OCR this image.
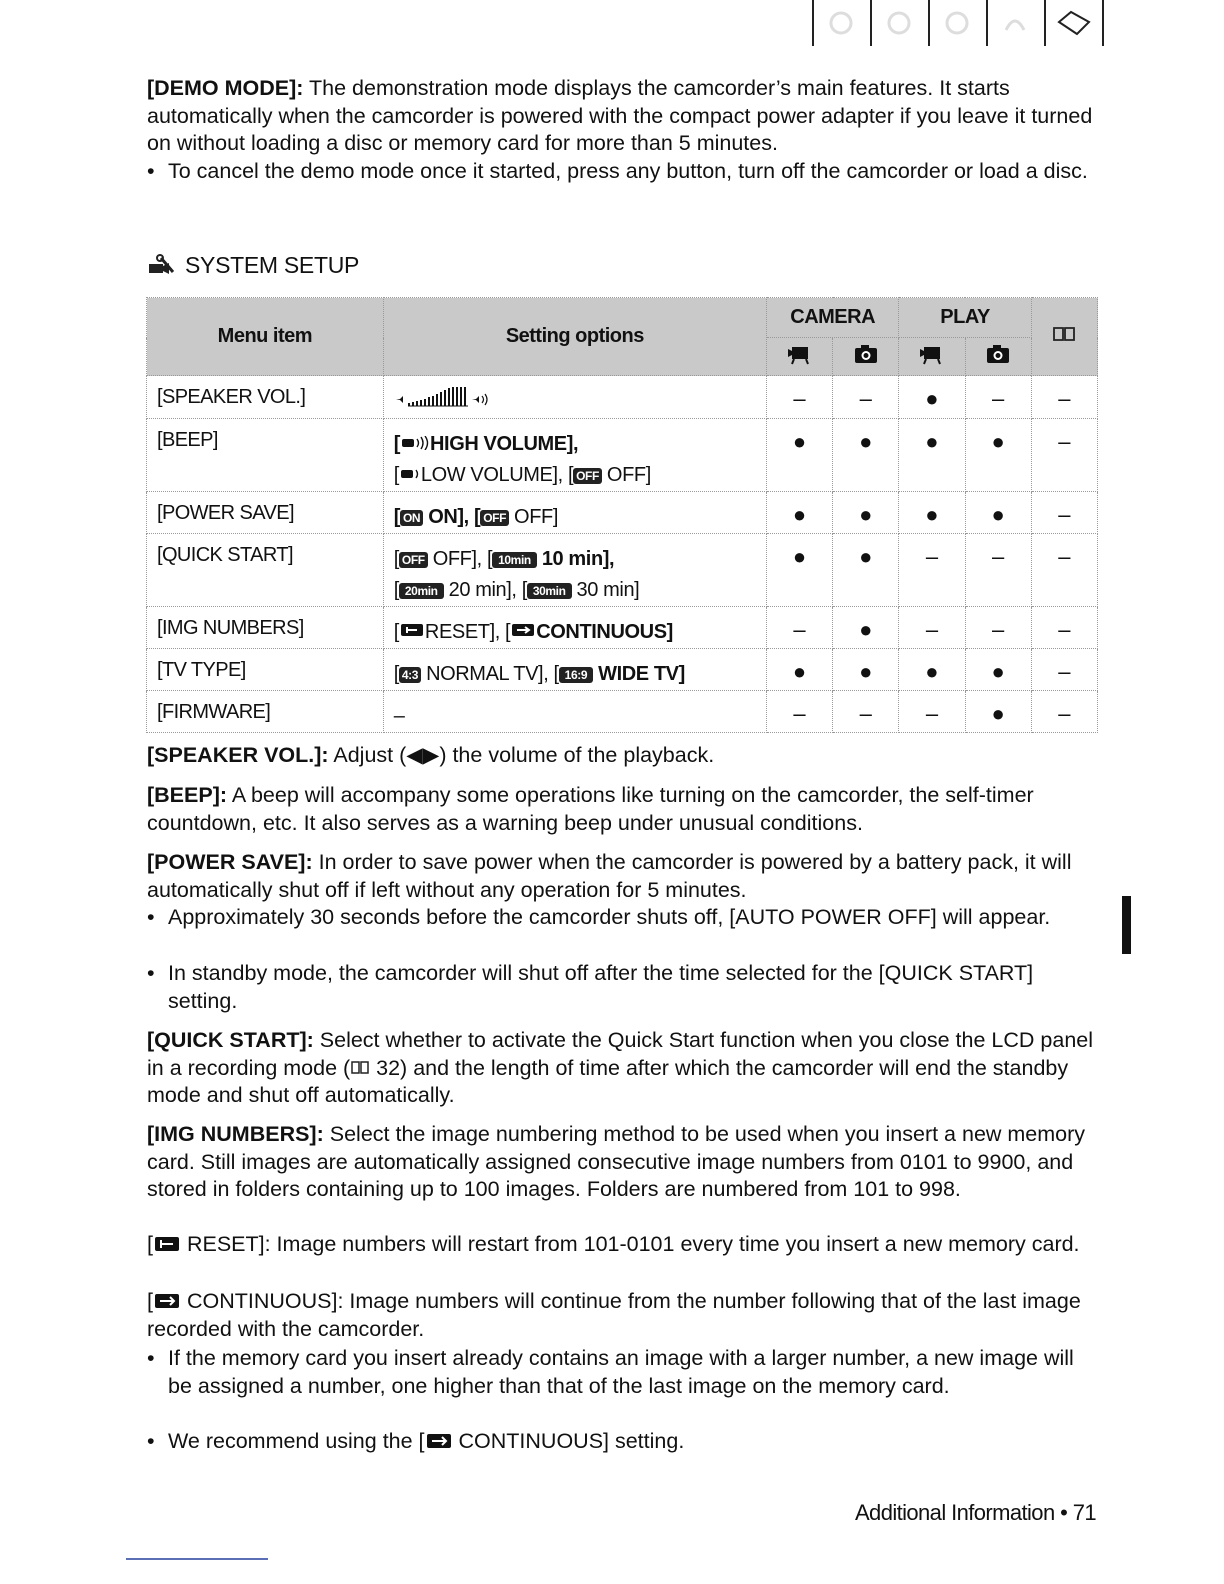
[DEMO MODE]: The demonstration mode displays the camcorder’s main features. It starts automatically when the camcorder is powered with the compact power adapter if you leave it turned on without loading a disc or memory card for more than 5 minutes.
• To cancel the demo mode once it started, press any button, turn off the camcorder or load a disc.
SYSTEM SETUP
Menu item	Setting options	CAMERA		PLAY	

[SPEAKER VOL.]		–	–	●	–	–
[BEEP]	[ HIGH VOLUME],
[ LOW VOLUME], [ OFF OFF]	●	●	●	●	–
[POWER SAVE]	[ ON ON], [ OFF OFF]	●	●	●	●	–
[QUICK START]	[ OFF OFF], [ 10min 10 min],
[ 20min 20 min], [ 30min 30 min]	●	●	–	–	–
[IMG NUMBERS]	[ RESET], [ CONTINUOUS]	–	●	–	–	–
[TV TYPE]	[ 4:3 NORMAL TV], [ 16:9 WIDE TV]	●	●	●	●	–
[FIRMWARE]	–	–	–	–	●	–
[SPEAKER VOL.]: Adjust (◀▶) the volume of the playback.
[BEEP]: A beep will accompany some operations like turning on the camcorder, the self-timer countdown, etc. It also serves as a warning beep under unusual conditions.
[POWER SAVE]: In order to save power when the camcorder is powered by a battery pack, it will automatically shut off if left without any operation for 5 minutes.
• Approximately 30 seconds before the camcorder shuts off, [AUTO POWER OFF] will appear.
• In standby mode, the camcorder will shut off after the time selected for the [QUICK START] setting.
[QUICK START]: Select whether to activate the Quick Start function when you close the LCD panel in a recording mode ( 32) and the length of time after which the camcorder will end the standby mode and shut off automatically.
[IMG NUMBERS]: Select the image numbering method to be used when you insert a new memory card. Still images are automatically assigned consecutive image numbers from 0101 to 9900, and stored in folders containing up to 100 images. Folders are numbered from 101 to 998.
[ RESET]: Image numbers will restart from 101-0101 every time you insert a new memory card.
[ CONTINUOUS]: Image numbers will continue from the number following that of the last image recorded with the camcorder.
• If the memory card you insert already contains an image with a larger number, a new image will be assigned a number, one higher than that of the last image on the memory card.
• We recommend using the [ CONTINUOUS] setting.
Additional Information • 71
